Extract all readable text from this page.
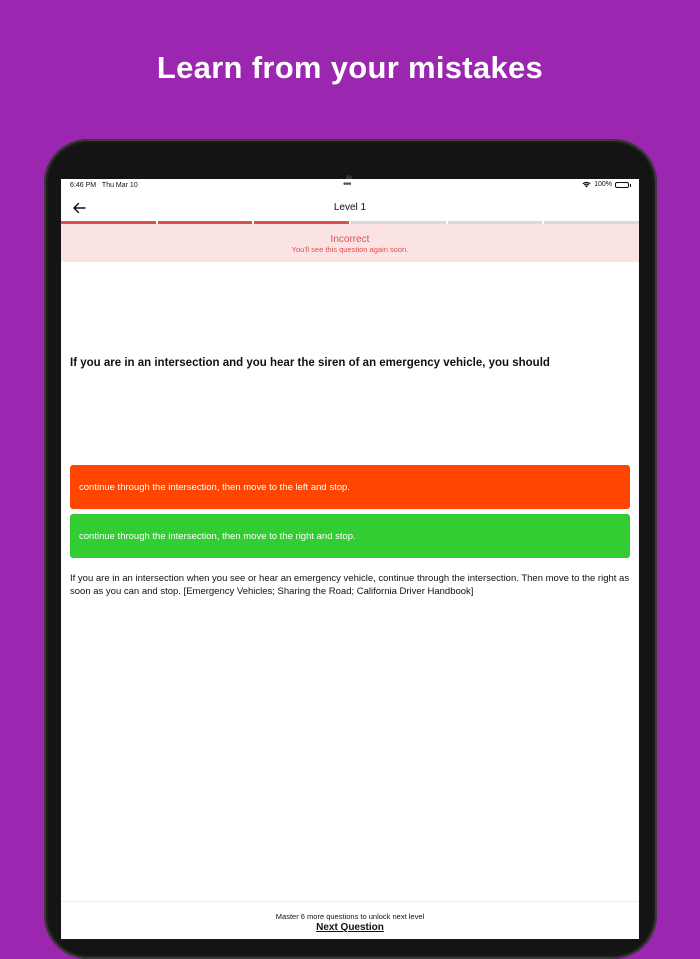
Learn from your mistakes
6:46 PM Thu Mar 10	•••	100%
Level 1
Incorrect
You'll see this question again soon.
If you are in an intersection and you hear the siren of an emergency vehicle, you should
continue through the intersection, then move to the left and stop.
continue through the intersection, then move to the right and stop.
If you are in an intersection when you see or hear an emergency vehicle, continue through the intersection. Then move to the right as soon as you can and stop. [Emergency Vehicles; Sharing the Road; California Driver Handbook]
Master 6 more questions to unlock next level
Next Question
